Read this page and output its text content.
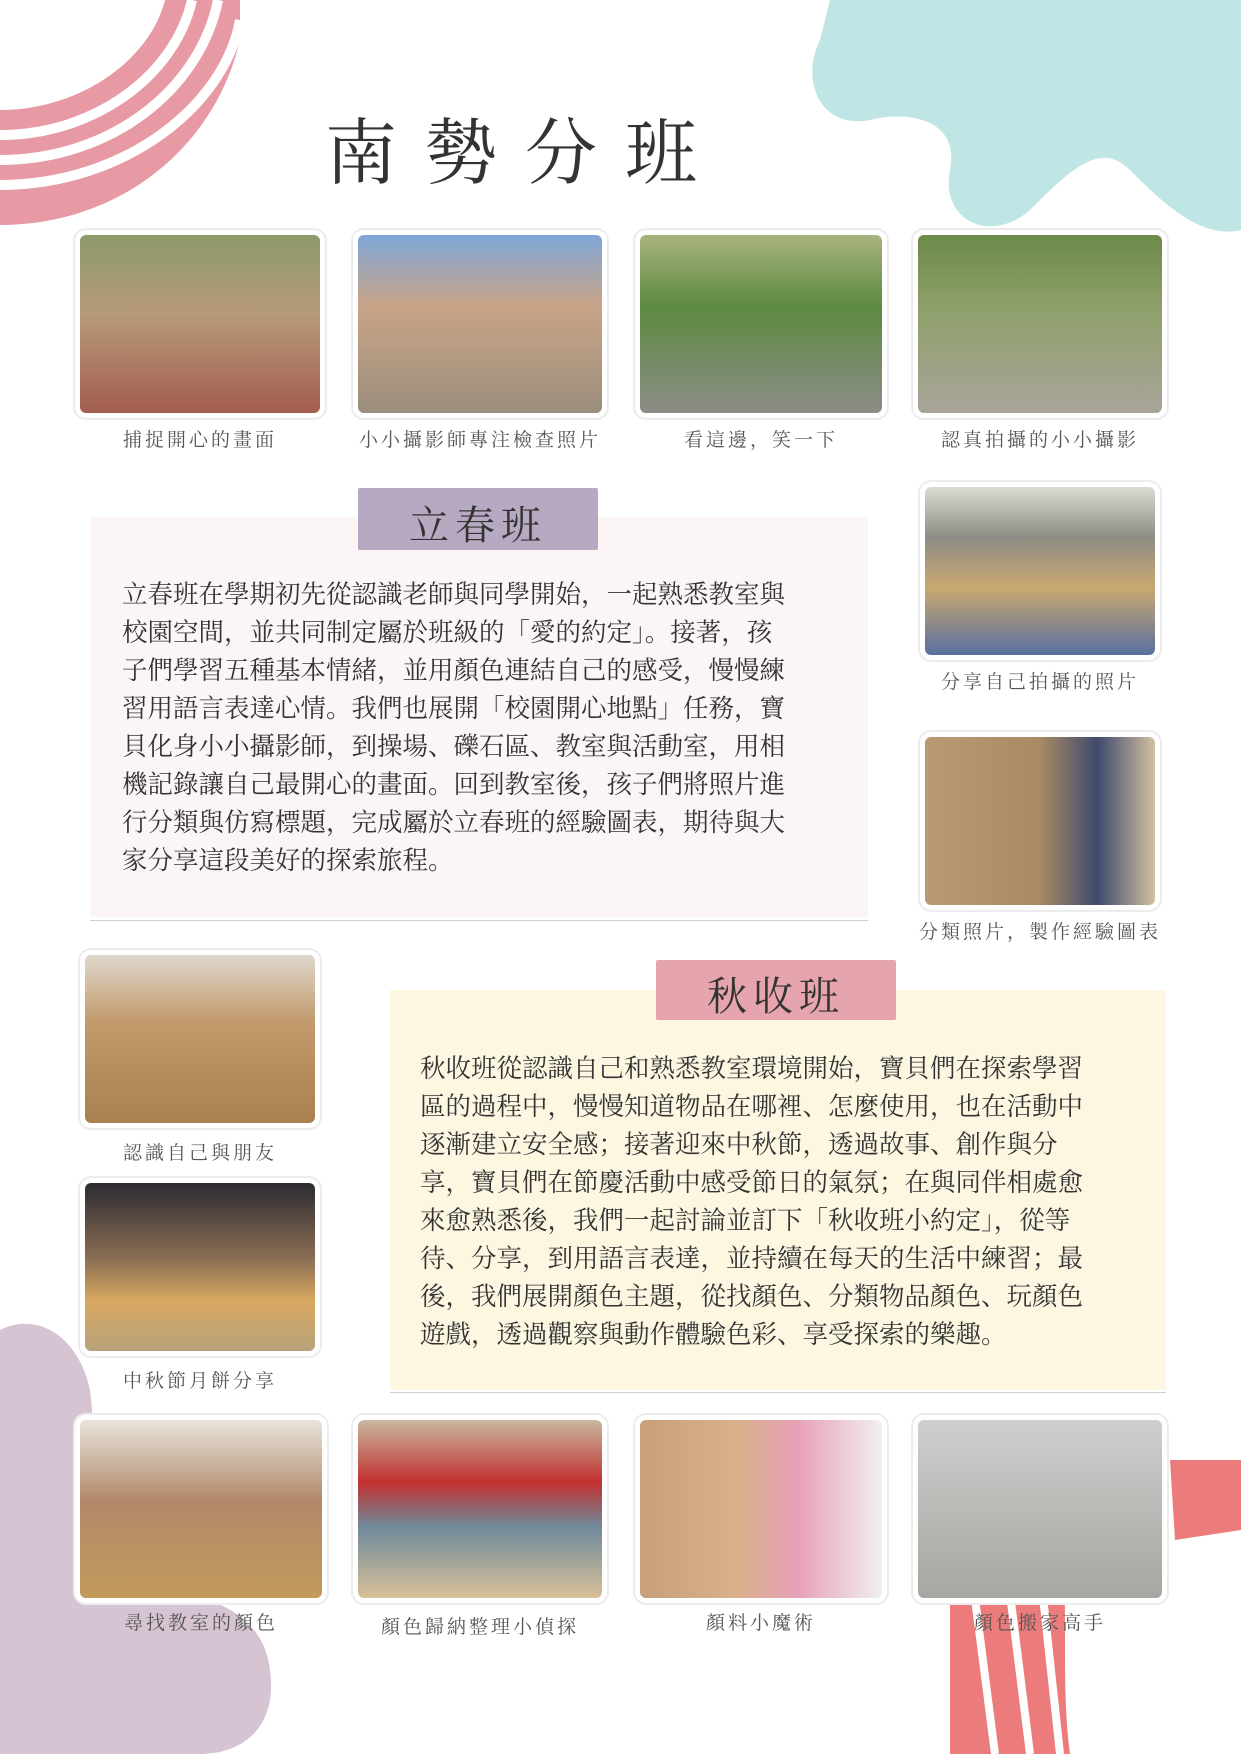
南勢分班
捕捉開心的畫面	小小攝影師專注檢查照片	看這邊，笑一下	認真拍攝的小小攝影
立春班
立春班在學期初先從認識老師與同學開始，一起熟悉教室與
校園空間，並共同制定屬於班級的「愛的約定」。接著，孩
子們學習五種基本情緒，並用顏色連結自己的感受，慢慢練
習用語言表達心情。我們也展開「校園開心地點」任務，寶
貝化身小小攝影師，到操場、礫石區、教室與活動室，用相
機記錄讓自己最開心的畫面。回到教室後，孩子們將照片進
行分類與仿寫標題，完成屬於立春班的經驗圖表，期待與大
家分享這段美好的探索旅程。
分享自己拍攝的照片
分類照片，製作經驗圖表
秋收班
秋收班從認識自己和熟悉教室環境開始，寶貝們在探索學習
區的過程中，慢慢知道物品在哪裡、怎麼使用，也在活動中
逐漸建立安全感；接著迎來中秋節，透過故事、創作與分
享，寶貝們在節慶活動中感受節日的氣氛；在與同伴相處愈
來愈熟悉後，我們一起討論並訂下「秋收班小約定」，從等
待、分享，到用語言表達，並持續在每天的生活中練習；最
後，我們展開顏色主題，從找顏色、分類物品顏色、玩顏色
遊戲，透過觀察與動作體驗色彩、享受探索的樂趣。
認識自己與朋友
中秋節月餅分享
尋找教室的顏色	顏色歸納整理小偵探	顏料小魔術	顏色搬家高手
